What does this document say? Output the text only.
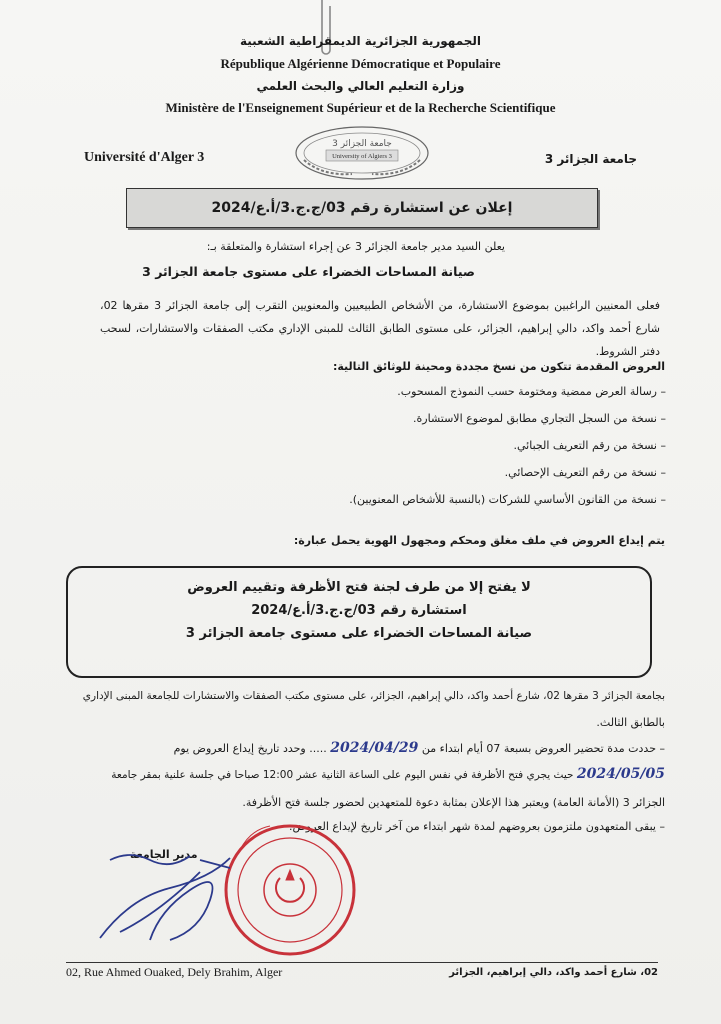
الجمهورية الجزائرية الديمقراطية الشعبية
République Algérienne Démocratique et Populaire
وزارة التعليم العالي والبحث العلمي
Ministère de l'Enseignement Supérieur et de la Recherche Scientifique
Université d'Alger 3	جامعة الجزائر 3
جامعة الجزائر 3
University of Algiers 3
إعلان عن استشارة رقم 03/ج.ج.3/أ.ع/2024
يعلن السيد مدير جامعة الجزائر 3 عن إجراء استشارة والمتعلقة بـ:
صيانة المساحات الخضراء على مستوى جامعة الجزائر 3
فعلى المعنيين الراغبين بموضوع الاستشارة، من الأشخاص الطبيعيين والمعنويين التقرب إلى جامعة الجزائر 3 مقرها 02، شارع أحمد واكد، دالي إبراهيم، الجزائر، على مستوى الطابق الثالث للمبنى الإداري مكتب الصفقات والاستشارات، لسحب دفتر الشروط.
العروض المقدمة تتكون من نسخ مجددة ومحينة للوثائق التالية:
– رسالة العرض ممضية ومختومة حسب النموذج المسحوب.
– نسخة من السجل التجاري مطابق لموضوع الاستشارة.
– نسخة من رقم التعريف الجبائي.
– نسخة من رقم التعريف الإحصائي.
– نسخة من القانون الأساسي للشركات (بالنسبة للأشخاص المعنويين).
يتم إيداع العروض في ملف مغلق ومحكم ومجهول الهوية يحمل عبارة:
لا يفتح إلا من طرف لجنة فتح الأظرفة وتقييم العروض
استشارة رقم 03/ج.ج.3/أ.ع/2024
صيانة المساحات الخضراء على مستوى جامعة الجزائر 3
بجامعة الجزائر 3 مقرها 02، شارع أحمد واكد، دالي إبراهيم، الجزائر، على مستوى مكتب الصفقات والاستشارات للجامعة المبنى الإداري
بالطابق الثالث.
– حددت مدة تحضير العروض بسبعة 07 أيام ابتداء من 2024/04/29 ..... وحدد تاريخ إيداع العروض يوم
2024/05/05 حيث يجري فتح الأظرفة في نفس اليوم على الساعة الثانية عشر 12:00 صباحا في جلسة علنية بمقر جامعة
الجزائر 3 (الأمانة العامة) ويعتبر هذا الإعلان بمثابة دعوة للمتعهدين لحضور جلسة فتح الأظرفة.
– يبقى المتعهدون ملتزمون بعروضهم لمدة شهر ابتداء من آخر تاريخ لإيداع العروض.
مدير الجامعة
02, Rue Ahmed Ouaked, Dely Brahim, Alger	02، شارع أحمد واكد، دالي إبراهيم، الجزائر
